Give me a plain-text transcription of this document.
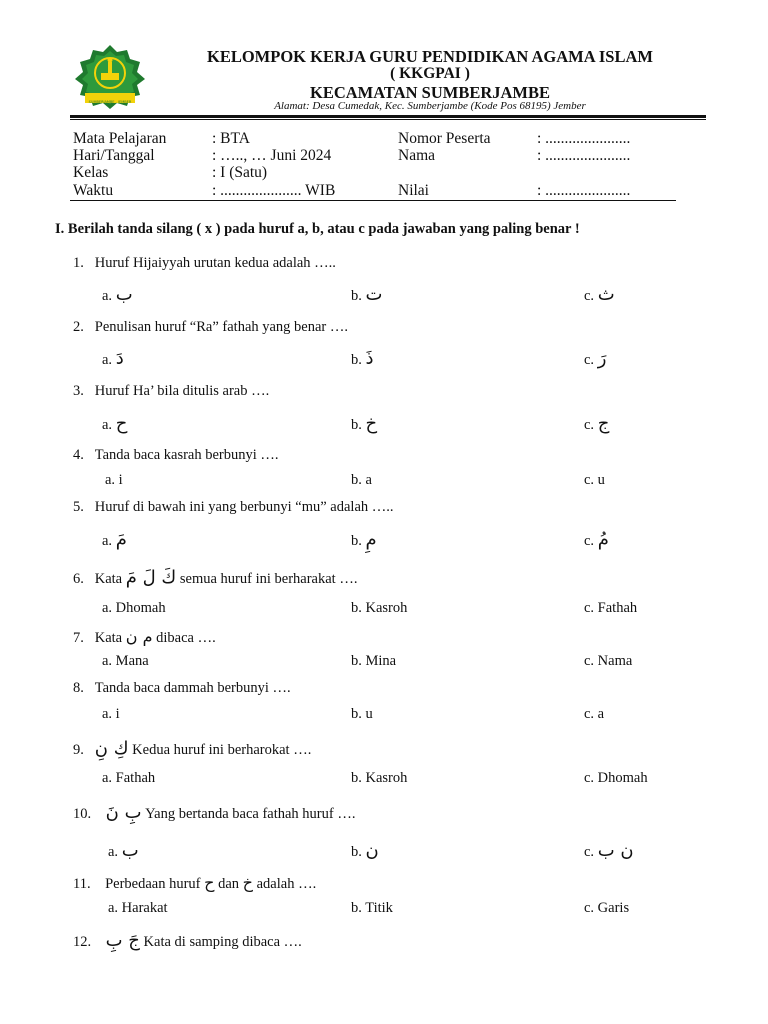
SUMBERJAMBE - JEMBER
KELOMPOK KERJA GURU PENDIDIKAN AGAMA ISLAM
( KKGPAI )
KECAMATAN SUMBERJAMBE
Alamat: Desa Cumedak, Kec. Sumberjambe (Kode Pos 68195) Jember
Mata Pelajaran	: BTA
Hari/Tanggal	: ….., … Juni 2024
Kelas	: I (Satu)
Waktu	: ..................... WIB
Nomor Peserta	: ......................
Nama	: ......................
Nilai	: ......................
I. Berilah tanda silang ( x ) pada huruf a, b, atau c pada jawaban yang paling benar !
1. Huruf Hijaiyyah urutan kedua adalah …..
a. ب	b. ت	c. ث
2. Penulisan huruf “Ra” fathah yang benar ….
a. دَ	b. ذَ	c. رَ
3. Huruf Ha’ bila ditulis arab ….
a. ح	b. خ	c. ج
4. Tanda baca kasrah berbunyi ….
a. i	b. a	c. u
5. Huruf di bawah ini yang berbunyi “mu” adalah …..
a. مَ	b. مِ	c. مُ
6. Kata كَ لَ مَ semua huruf ini berharakat ….
a. Dhomah	b. Kasroh	c. Fathah
7. Kata م ن dibaca ….
a. Mana	b. Mina	c. Nama
8. Tanda baca dammah berbunyi ….
a. i	b. u	c. a
9. كِ نِ Kedua huruf ini berharokat ….
a. Fathah	b. Kasroh	c. Dhomah
10. بِ نَ Yang bertanda baca fathah huruf ….
a. ب	b. ن	c. ن ب
11. Perbedaan huruf ح dan خ adalah ….
a. Harakat	b. Titik	c. Garis
12. جَ بِ Kata di samping dibaca ….
